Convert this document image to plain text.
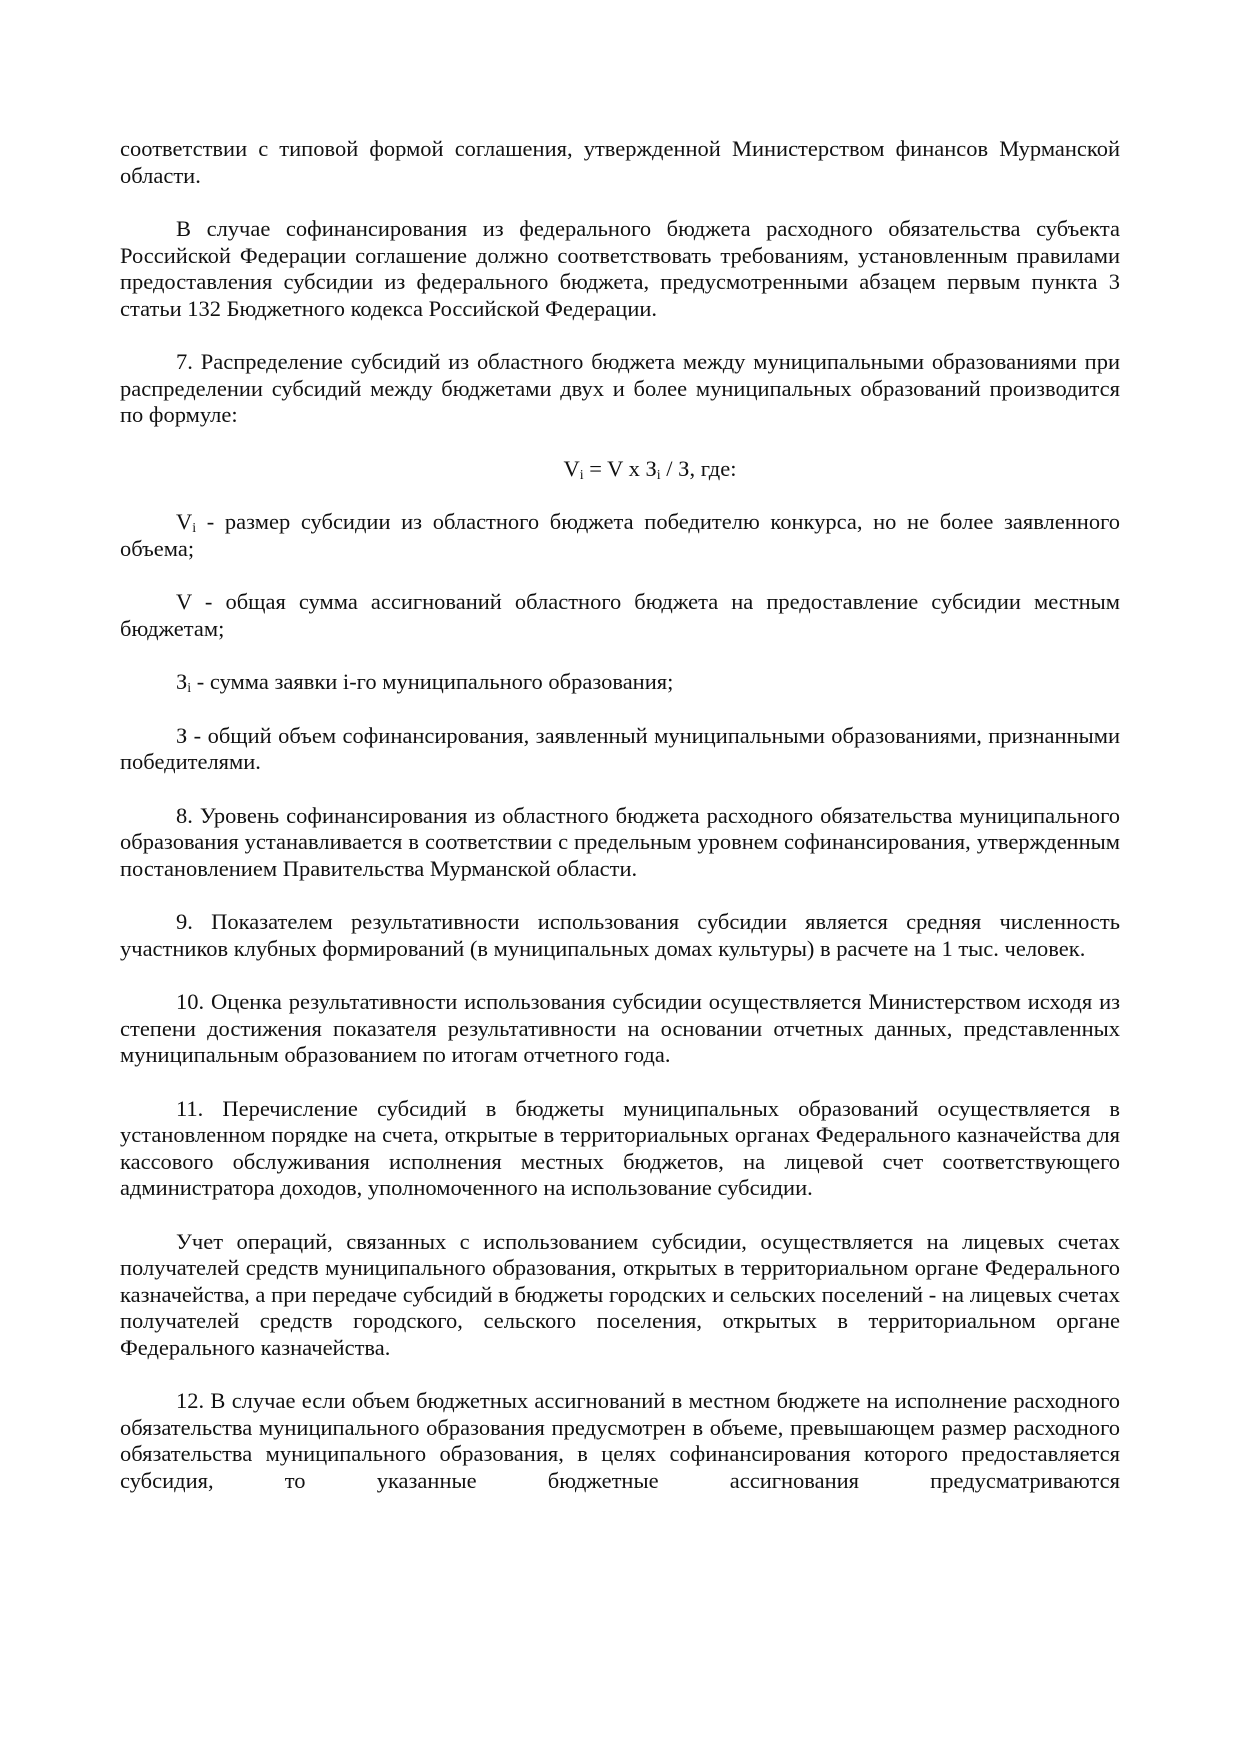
соответствии с типовой формой соглашения, утвержденной Министерством финансов Мурманской области.

В случае софинансирования из федерального бюджета расходного обязательства субъекта Российской Федерации соглашение должно соответствовать требованиям, установленным правилами предоставления субсидии из федерального бюджета, предусмотренными абзацем первым пункта 3 статьи 132 Бюджетного кодекса Российской Федерации.

7. Распределение субсидий из областного бюджета между муниципальными образованиями при распределении субсидий между бюджетами двух и более муниципальных образований производится по формуле:

$V_i = V$ x $З_i$ / З, где:

$V_i$ - размер субсидии из областного бюджета победителю конкурса, но не более заявленного объема;

V - общая сумма ассигнований областного бюджета на предоставление субсидии местным бюджетам;

$З_i$ - сумма заявки i-го муниципального образования;

З - общий объем софинансирования, заявленный муниципальными образованиями, признанными победителями.

8. Уровень софинансирования из областного бюджета расходного обязательства муниципального образования устанавливается в соответствии с предельным уровнем софинансирования, утвержденным постановлением Правительства Мурманской области.

9. Показателем результативности использования субсидии является средняя численность участников клубных формирований (в муниципальных домах культуры) в расчете на 1 тыс. человек.

10. Оценка результативности использования субсидии осуществляется Министерством исходя из степени достижения показателя результативности на основании отчетных данных, представленных муниципальным образованием по итогам отчетного года.

11. Перечисление субсидий в бюджеты муниципальных образований осуществляется в установленном порядке на счета, открытые в территориальных органах Федерального казначейства для кассового обслуживания исполнения местных бюджетов, на лицевой счет соответствующего администратора доходов, уполномоченного на использование субсидии.

Учет операций, связанных с использованием субсидии, осуществляется на лицевых счетах получателей средств муниципального образования, открытых в территориальном органе Федерального казначейства, а при передаче субсидий в бюджеты городских и сельских поселений - на лицевых счетах получателей средств городского, сельского поселения, открытых в территориальном органе Федерального казначейства.

12. В случае если объем бюджетных ассигнований в местном бюджете на исполнение расходного обязательства муниципального образования предусмотрен в объеме, превышающем размер расходного обязательства муниципального образования, в целях софинансирования которого предоставляется субсидия, то указанные бюджетные ассигнования предусматриваются
